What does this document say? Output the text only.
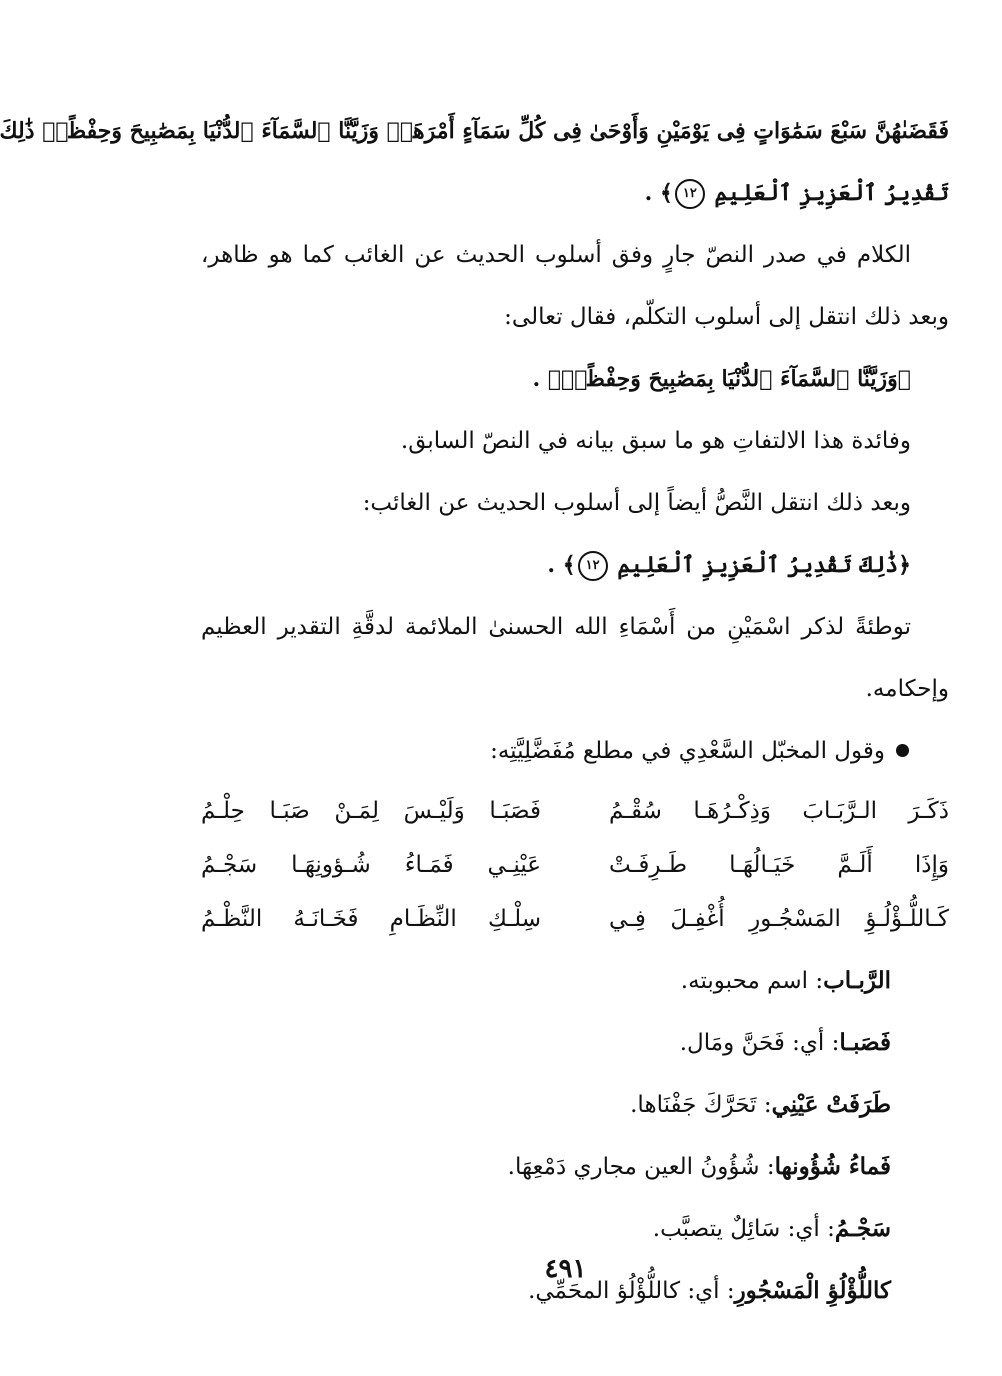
فَقَضَىٰهُنَّ سَبْعَ سَمَٰوَاتٍ فِى يَوْمَيْنِ وَأَوْحَىٰ فِى كُلِّ سَمَآءٍ أَمْرَهَاۚ وَزَيَّنَّا ٱلسَّمَآءَ ٱلدُّنْيَا بِمَصَٰبِيحَ وَحِفْظًاۚ ذَٰلِكَ
تَقْدِيرُ ٱلْعَزِيزِ ٱلْعَلِيمِ ١٢﴾ .
الكلام في صدر النصّ جارٍ وفق أسلوب الحديث عن الغائب كما هو ظاهر،
وبعد ذلك انتقل إلى أسلوب التكلّم، فقال تعالى:
﴿وَزَيَّنَّا ٱلسَّمَآءَ ٱلدُّنْيَا بِمَصَٰبِيحَ وَحِفْظًاۚ﴾ .
وفائدة هذا الالتفاتِ هو ما سبق بيانه في النصّ السابق.
وبعد ذلك انتقل النَّصُّ أيضاً إلى أسلوب الحديث عن الغائب:
﴿ذَٰلِكَ تَقْدِيرُ ٱلْعَزِيزِ ٱلْعَلِيمِ ١٢﴾ .
توطئةً لذكر اسْمَيْنِ من أَسْمَاءِ الله الحسنىٰ الملائمة لدقَّةِ التقدير العظيم
وإحكامه.
وقول المخبّل السَّعْدِي في مطلع مُفَضَّلِيَّتِه:
ذَكَـرَ الـرَّبَـابَ وَذِكْـرُهَـا سُقْـمُ
فَصَبَـا وَلَيْـسَ لِمَـنْ صَبَـا حِلْـمُ
وَإِذَا أَلَـمَّ خَيَـالُهَـا طَـرِفَـتْ
عَيْنِـي فَمَـاءُ شُـؤونِهَـا سَجْـمُ
كَـاللُّـؤْلُـؤِ المَسْجُـورِ أُغْفِـلَ فِـي
سِلْـكِ النِّظَـامِ فَخَـانَـهُ النَّظْـمُ
الرَّبـاب: اسم محبوبته.
فَصَبـا: أي: فَحَنَّ ومَال.
طَرَفَتْ عَيْنِي: تَحَرَّكَ جَفْنَاها.
فَماءُ شُؤُونها: شُؤُونُ العين مجاري دَمْعِهَا.
سَجْـمُ: أي: سَائِلٌ يتصبَّب.
كاللُّؤْلُؤِ الْمَسْجُورِ: أي: كاللُّؤْلُؤ المحَمِّي.
٤٩١
